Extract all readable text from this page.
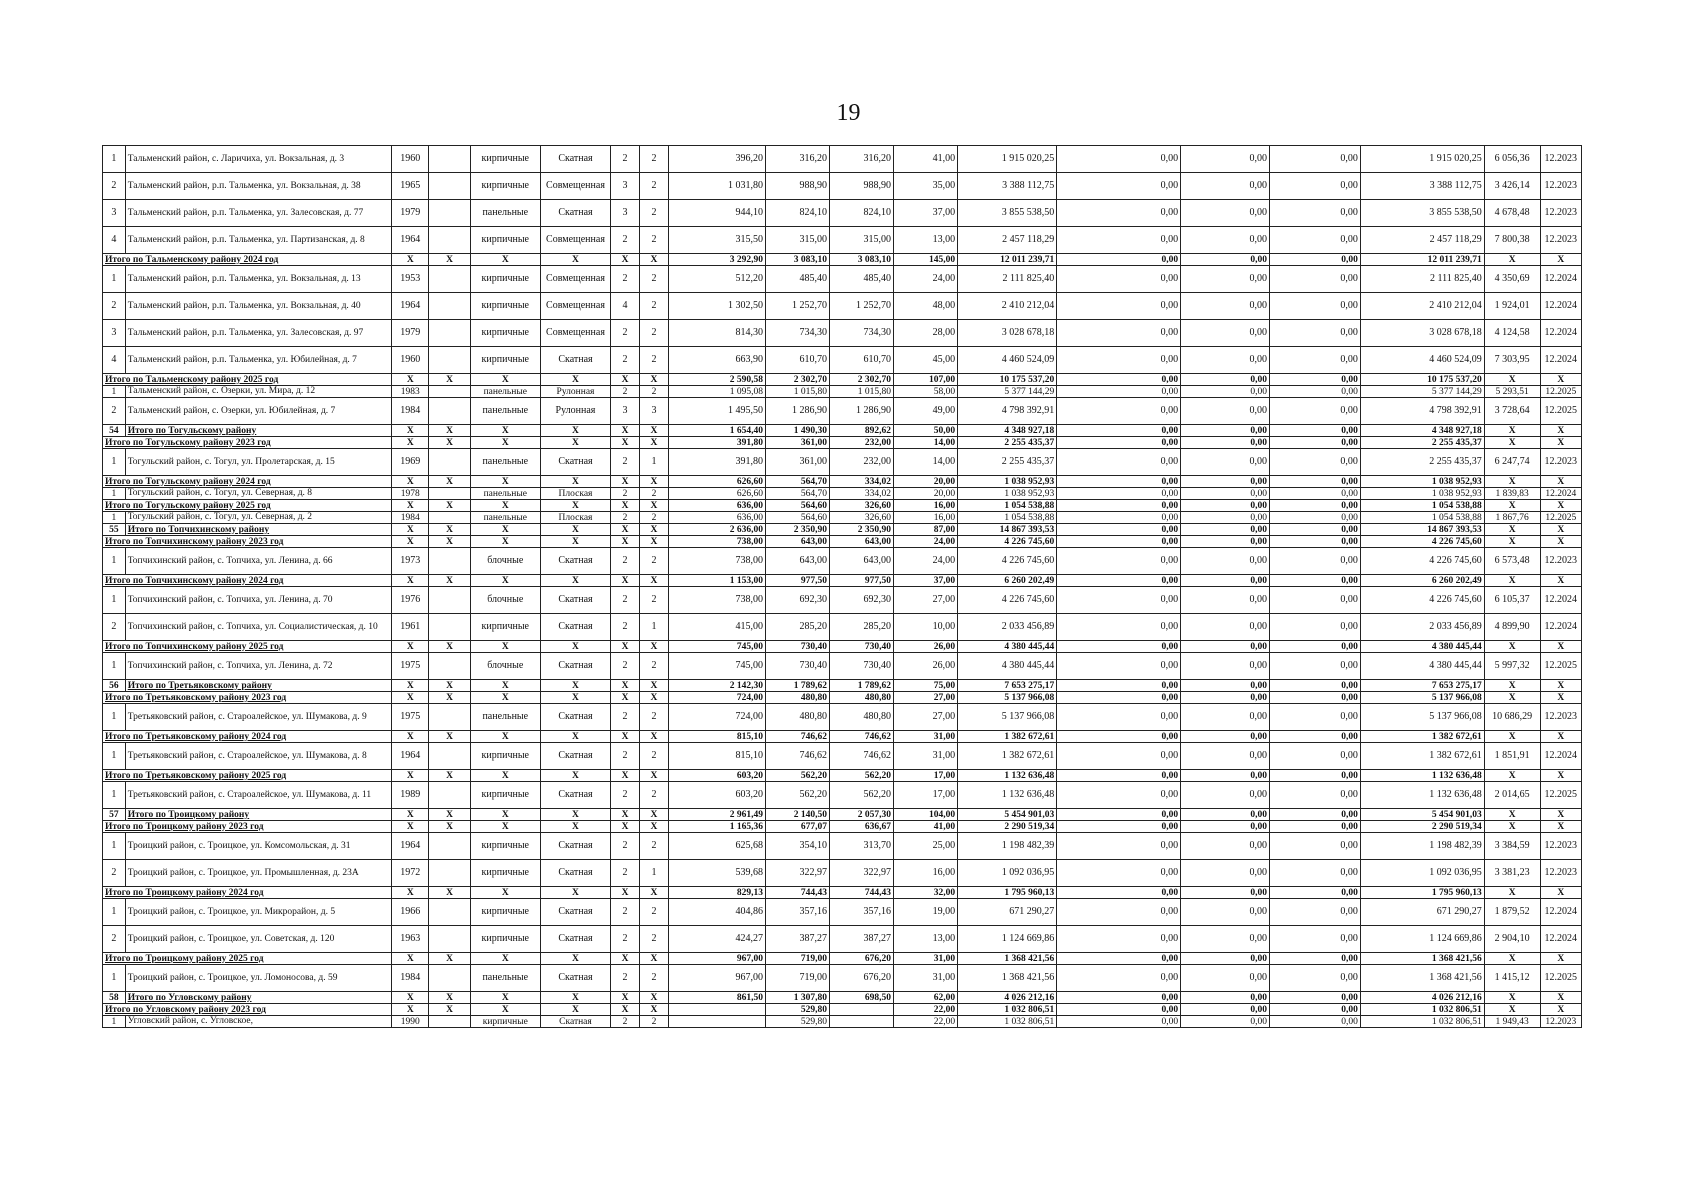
19
1	Тальменский район, с. Ларичиха, ул. Вокзальная, д. 3	1960		кирпичные	Скатная	2	2	396,20	316,20	316,20	41,00	1 915 020,25	0,00	0,00	0,00	1 915 020,25	6 056,36	12.2023
2	Тальменский район, р.п. Тальменка, ул. Вокзальная, д. 38	1965		кирпичные	Совмещенная	3	2	1 031,80	988,90	988,90	35,00	3 388 112,75	0,00	0,00	0,00	3 388 112,75	3 426,14	12.2023
3	Тальменский район, р.п. Тальменка, ул. Залесовская, д. 77	1979		панельные	Скатная	3	2	944,10	824,10	824,10	37,00	3 855 538,50	0,00	0,00	0,00	3 855 538,50	4 678,48	12.2023
4	Тальменский район, р.п. Тальменка, ул. Партизанская, д. 8	1964		кирпичные	Совмещенная	2	2	315,50	315,00	315,00	13,00	2 457 118,29	0,00	0,00	0,00	2 457 118,29	7 800,38	12.2023
Итого по Тальменскому району 2024 год		X	X	X	X	X	X	3 292,90	3 083,10	3 083,10	145,00	12 011 239,71	0,00	0,00	0,00	12 011 239,71	X	X
1	Тальменский район, р.п. Тальменка, ул. Вокзальная, д. 13	1953		кирпичные	Совмещенная	2	2	512,20	485,40	485,40	24,00	2 111 825,40	0,00	0,00	0,00	2 111 825,40	4 350,69	12.2024
2	Тальменский район, р.п. Тальменка, ул. Вокзальная, д. 40	1964		кирпичные	Совмещенная	4	2	1 302,50	1 252,70	1 252,70	48,00	2 410 212,04	0,00	0,00	0,00	2 410 212,04	1 924,01	12.2024
3	Тальменский район, р.п. Тальменка, ул. Залесовская, д. 97	1979		кирпичные	Совмещенная	2	2	814,30	734,30	734,30	28,00	3 028 678,18	0,00	0,00	0,00	3 028 678,18	4 124,58	12.2024
4	Тальменский район, р.п. Тальменка, ул. Юбилейная, д. 7	1960		кирпичные	Скатная	2	2	663,90	610,70	610,70	45,00	4 460 524,09	0,00	0,00	0,00	4 460 524,09	7 303,95	12.2024
Итого по Тальменскому району 2025 год		X	X	X	X	X	X	2 590,58	2 302,70	2 302,70	107,00	10 175 537,20	0,00	0,00	0,00	10 175 537,20	X	X
1	Тальменский район, с. Озерки, ул. Мира, д. 12	1983		панельные	Рулонная	2	2	1 095,08	1 015,80	1 015,80	58,00	5 377 144,29	0,00	0,00	0,00	5 377 144,29	5 293,51	12.2025
2	Тальменский район, с. Озерки, ул. Юбилейная, д. 7	1984		панельные	Рулонная	3	3	1 495,50	1 286,90	1 286,90	49,00	4 798 392,91	0,00	0,00	0,00	4 798 392,91	3 728,64	12.2025
54	Итого по Тогульскому району	X	X	X	X	X	X	1 654,40	1 490,30	892,62	50,00	4 348 927,18	0,00	0,00	0,00	4 348 927,18	X	X
Итого по Тогульскому району 2023 год		X	X	X	X	X	X	391,80	361,00	232,00	14,00	2 255 435,37	0,00	0,00	0,00	2 255 435,37	X	X
1	Тогульский район, с. Тогул, ул. Пролетарская, д. 15	1969		панельные	Скатная	2	1	391,80	361,00	232,00	14,00	2 255 435,37	0,00	0,00	0,00	2 255 435,37	6 247,74	12.2023
Итого по Тогульскому району 2024 год		X	X	X	X	X	X	626,60	564,70	334,02	20,00	1 038 952,93	0,00	0,00	0,00	1 038 952,93	X	X
1	Тогульский район, с. Тогул, ул. Северная, д. 8	1978		панельные	Плоская	2	2	626,60	564,70	334,02	20,00	1 038 952,93	0,00	0,00	0,00	1 038 952,93	1 839,83	12.2024
Итого по Тогульскому району 2025 год		X	X	X	X	X	X	636,00	564,60	326,60	16,00	1 054 538,88	0,00	0,00	0,00	1 054 538,88	X	X
1	Тогульский район, с. Тогул, ул. Северная, д. 2	1984		панельные	Плоская	2	2	636,00	564,60	326,60	16,00	1 054 538,88	0,00	0,00	0,00	1 054 538,88	1 867,76	12.2025
55	Итого по Топчихинскому району	X	X	X	X	X	X	2 636,00	2 350,90	2 350,90	87,00	14 867 393,53	0,00	0,00	0,00	14 867 393,53	X	X
Итого по Топчихинскому району 2023 год		X	X	X	X	X	X	738,00	643,00	643,00	24,00	4 226 745,60	0,00	0,00	0,00	4 226 745,60	X	X
1	Топчихинский район, с. Топчиха, ул. Ленина, д. 66	1973		блочные	Скатная	2	2	738,00	643,00	643,00	24,00	4 226 745,60	0,00	0,00	0,00	4 226 745,60	6 573,48	12.2023
Итого по Топчихинскому району 2024 год		X	X	X	X	X	X	1 153,00	977,50	977,50	37,00	6 260 202,49	0,00	0,00	0,00	6 260 202,49	X	X
1	Топчихинский район, с. Топчиха, ул. Ленина, д. 70	1976		блочные	Скатная	2	2	738,00	692,30	692,30	27,00	4 226 745,60	0,00	0,00	0,00	4 226 745,60	6 105,37	12.2024
2	Топчихинский район, с. Топчиха, ул. Социалистическая, д. 10	1961		кирпичные	Скатная	2	1	415,00	285,20	285,20	10,00	2 033 456,89	0,00	0,00	0,00	2 033 456,89	4 899,90	12.2024
Итого по Топчихинскому району 2025 год		X	X	X	X	X	X	745,00	730,40	730,40	26,00	4 380 445,44	0,00	0,00	0,00	4 380 445,44	X	X
1	Топчихинский район, с. Топчиха, ул. Ленина, д. 72	1975		блочные	Скатная	2	2	745,00	730,40	730,40	26,00	4 380 445,44	0,00	0,00	0,00	4 380 445,44	5 997,32	12.2025
56	Итого по Третьяковскому району	X	X	X	X	X	X	2 142,30	1 789,62	1 789,62	75,00	7 653 275,17	0,00	0,00	0,00	7 653 275,17	X	X
Итого по Третьяковскому району 2023 год		X	X	X	X	X	X	724,00	480,80	480,80	27,00	5 137 966,08	0,00	0,00	0,00	5 137 966,08	X	X
1	Третьяковский район, с. Староалейское, ул. Шумакова, д. 9	1975		панельные	Скатная	2	2	724,00	480,80	480,80	27,00	5 137 966,08	0,00	0,00	0,00	5 137 966,08	10 686,29	12.2023
Итого по Третьяковскому району 2024 год		X	X	X	X	X	X	815,10	746,62	746,62	31,00	1 382 672,61	0,00	0,00	0,00	1 382 672,61	X	X
1	Третьяковский район, с. Староалейское, ул. Шумакова, д. 8	1964		кирпичные	Скатная	2	2	815,10	746,62	746,62	31,00	1 382 672,61	0,00	0,00	0,00	1 382 672,61	1 851,91	12.2024
Итого по Третьяковскому району 2025 год		X	X	X	X	X	X	603,20	562,20	562,20	17,00	1 132 636,48	0,00	0,00	0,00	1 132 636,48	X	X
1	Третьяковский район, с. Староалейское, ул. Шумакова, д. 11	1989		кирпичные	Скатная	2	2	603,20	562,20	562,20	17,00	1 132 636,48	0,00	0,00	0,00	1 132 636,48	2 014,65	12.2025
57	Итого по Троицкому району	X	X	X	X	X	X	2 961,49	2 140,50	2 057,30	104,00	5 454 901,03	0,00	0,00	0,00	5 454 901,03	X	X
Итого по Троицкому району 2023 год		X	X	X	X	X	X	1 165,36	677,07	636,67	41,00	2 290 519,34	0,00	0,00	0,00	2 290 519,34	X	X
1	Троицкий район, с. Троицкое, ул. Комсомольская, д. 31	1964		кирпичные	Скатная	2	2	625,68	354,10	313,70	25,00	1 198 482,39	0,00	0,00	0,00	1 198 482,39	3 384,59	12.2023
2	Троицкий район, с. Троицкое, ул. Промышленная, д. 23А	1972		кирпичные	Скатная	2	1	539,68	322,97	322,97	16,00	1 092 036,95	0,00	0,00	0,00	1 092 036,95	3 381,23	12.2023
Итого по Троицкому району 2024 год		X	X	X	X	X	X	829,13	744,43	744,43	32,00	1 795 960,13	0,00	0,00	0,00	1 795 960,13	X	X
1	Троицкий район, с. Троицкое, ул. Микрорайон, д. 5	1966		кирпичные	Скатная	2	2	404,86	357,16	357,16	19,00	671 290,27	0,00	0,00	0,00	671 290,27	1 879,52	12.2024
2	Троицкий район, с. Троицкое, ул. Советская, д. 120	1963		кирпичные	Скатная	2	2	424,27	387,27	387,27	13,00	1 124 669,86	0,00	0,00	0,00	1 124 669,86	2 904,10	12.2024
Итого по Троицкому району 2025 год		X	X	X	X	X	X	967,00	719,00	676,20	31,00	1 368 421,56	0,00	0,00	0,00	1 368 421,56	X	X
1	Троицкий район, с. Троицкое, ул. Ломоносова, д. 59	1984		панельные	Скатная	2	2	967,00	719,00	676,20	31,00	1 368 421,56	0,00	0,00	0,00	1 368 421,56	1 415,12	12.2025
58	Итого по Угловскому району	X	X	X	X	X	X	861,50	1 307,80	698,50	62,00	4 026 212,16	0,00	0,00	0,00	4 026 212,16	X	X
Итого по Угловскому району 2023 год		X	X	X	X	X	X		529,80		22,00	1 032 806,51	0,00	0,00	0,00	1 032 806,51	X	X
1	Угловский район, с. Угловское,	1990		кирпичные	Скатная	2	2		529,80		22,00	1 032 806,51	0,00	0,00	0,00	1 032 806,51	1 949,43	12.2023
